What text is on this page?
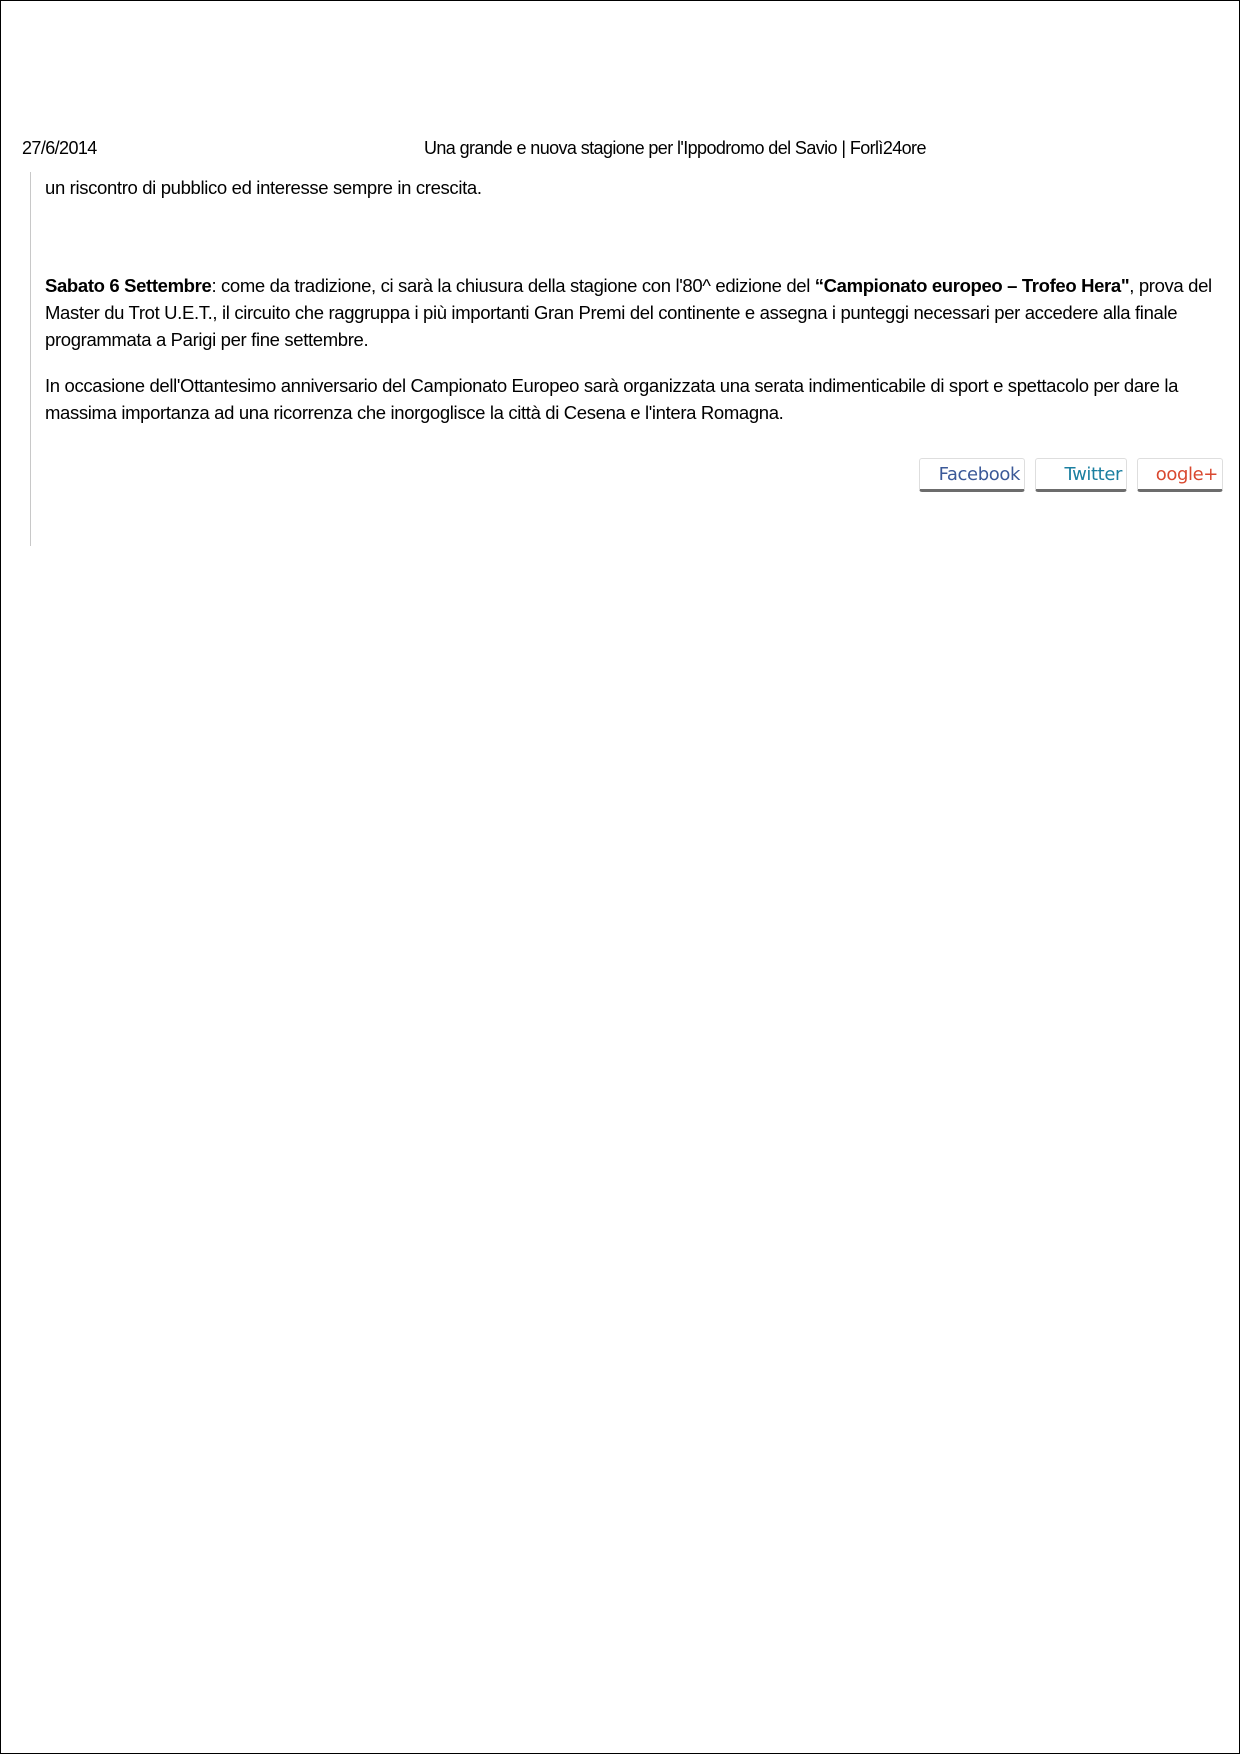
27/6/2014	Una grande e nuova stagione per l'Ippodromo del Savio | Forlì24ore

un riscontro di pubblico ed interesse sempre in crescita.

Sabato 6 Settembre: come da tradizione, ci sarà la chiusura della stagione con l'80^ edizione del “Campionato europeo – Trofeo Hera", prova del Master du Trot U.E.T., il circuito che raggruppa i più importanti Gran Premi del continente e assegna i punteggi necessari per accedere alla finale programmata a Parigi per fine settembre.

In occasione dell'Ottantesimo anniversario del Campionato Europeo sarà organizzata una serata indimenticabile di sport e spettacolo per dare la massima importanza ad una ricorrenza che inorgoglisce la città di Cesena e l'intera Romagna.

Facebook	Twitter	oogle+
